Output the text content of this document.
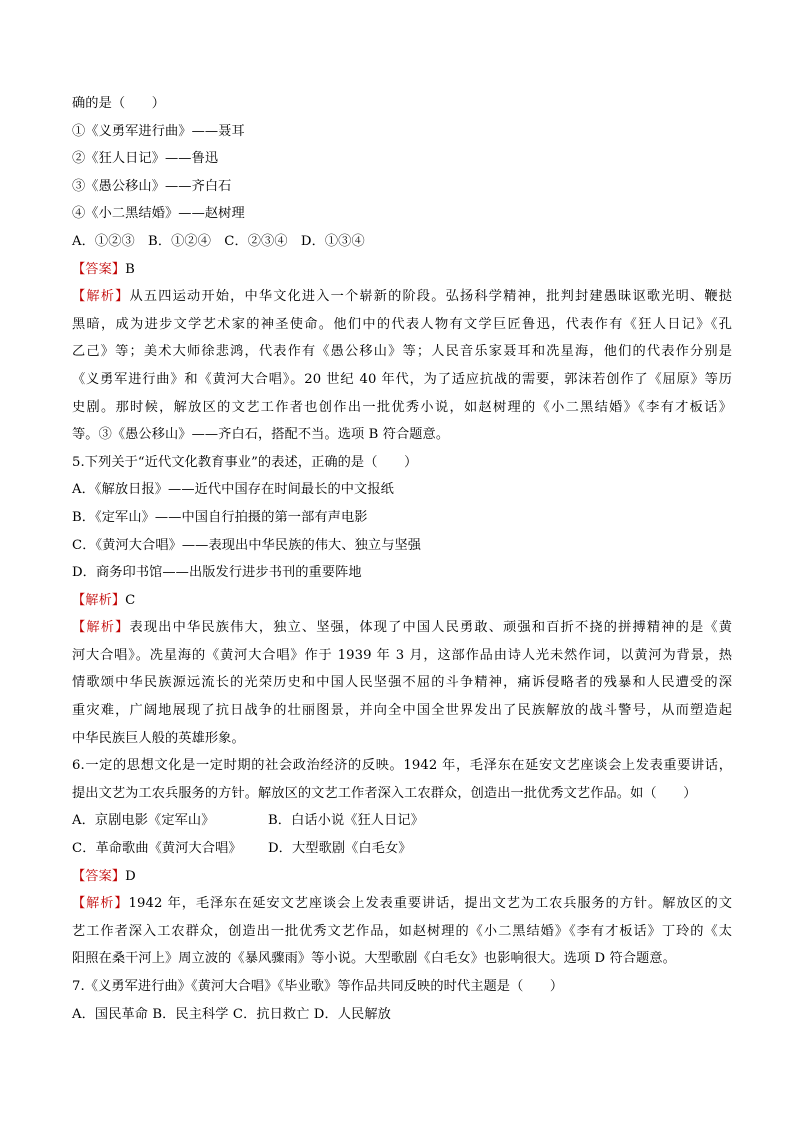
确的是（　　）
①《义勇军进行曲》——聂耳
②《狂人日记》——鲁迅
③《愚公移山》——齐白石
④《小二黑结婚》——赵树理
A．①②③　B．①②④　C．②③④　D．①③④
【答案】B
【解析】从五四运动开始，中华文化进入一个崭新的阶段。弘扬科学精神，批判封建愚昧讴歌光明、鞭挞
黑暗，成为进步文学艺术家的神圣使命。他们中的代表人物有文学巨匠鲁迅，代表作有《狂人日记》《孔
乙己》等；美术大师徐悲鸿，代表作有《愚公移山》等；人民音乐家聂耳和冼星海，他们的代表作分别是
《义勇军进行曲》和《黄河大合唱》。20 世纪 40 年代，为了适应抗战的需要，郭沫若创作了《屈原》等历
史剧。那时候，解放区的文艺工作者也创作出一批优秀小说，如赵树理的《小二黑结婚》《李有才板话》
等。③《愚公移山》——齐白石，搭配不当。选项 B 符合题意。
5.下列关于“近代文化教育事业”的表述，正确的是（　　）
A．《解放日报》——近代中国存在时间最长的中文报纸
B．《定军山》——中国自行拍摄的第一部有声电影
C．《黄河大合唱》——表现出中华民族的伟大、独立与坚强
D．商务印书馆——出版发行进步书刊的重要阵地
【解析】C
【解析】表现出中华民族伟大，独立、坚强，体现了中国人民勇敢、顽强和百折不挠的拼搏精神的是《黄
河大合唱》。冼星海的《黄河大合唱》作于 1939 年 3 月，这部作品由诗人光未然作词，以黄河为背景，热
情歌颂中华民族源远流长的光荣历史和中国人民坚强不屈的斗争精神，痛诉侵略者的残暴和人民遭受的深
重灾难，广阔地展现了抗日战争的壮丽图景，并向全中国全世界发出了民族解放的战斗警号，从而塑造起
中华民族巨人般的英雄形象。
6.一定的思想文化是一定时期的社会政治经济的反映。1942 年，毛泽东在延安文艺座谈会上发表重要讲话，
提出文艺为工农兵服务的方针。解放区的文艺工作者深入工农群众，创造出一批优秀文艺作品。如（　　）
A．京剧电影《定军山》	B．白话小说《狂人日记》
C．革命歌曲《黄河大合唱》 D．大型歌剧《白毛女》
【答案】D
【解析】1942 年，毛泽东在延安文艺座谈会上发表重要讲话，提出文艺为工农兵服务的方针。解放区的文
艺工作者深入工农群众，创造出一批优秀文艺作品，如赵树理的《小二黑结婚》《李有才板话》丁玲的《太
阳照在桑干河上》周立波的《暴风骤雨》等小说。大型歌剧《白毛女》也影响很大。选项 D 符合题意。
7.《义勇军进行曲》《黄河大合唱》《毕业歌》等作品共同反映的时代主题是（　　）
A．国民革命 B．民主科学 C．抗日救亡 D．人民解放
